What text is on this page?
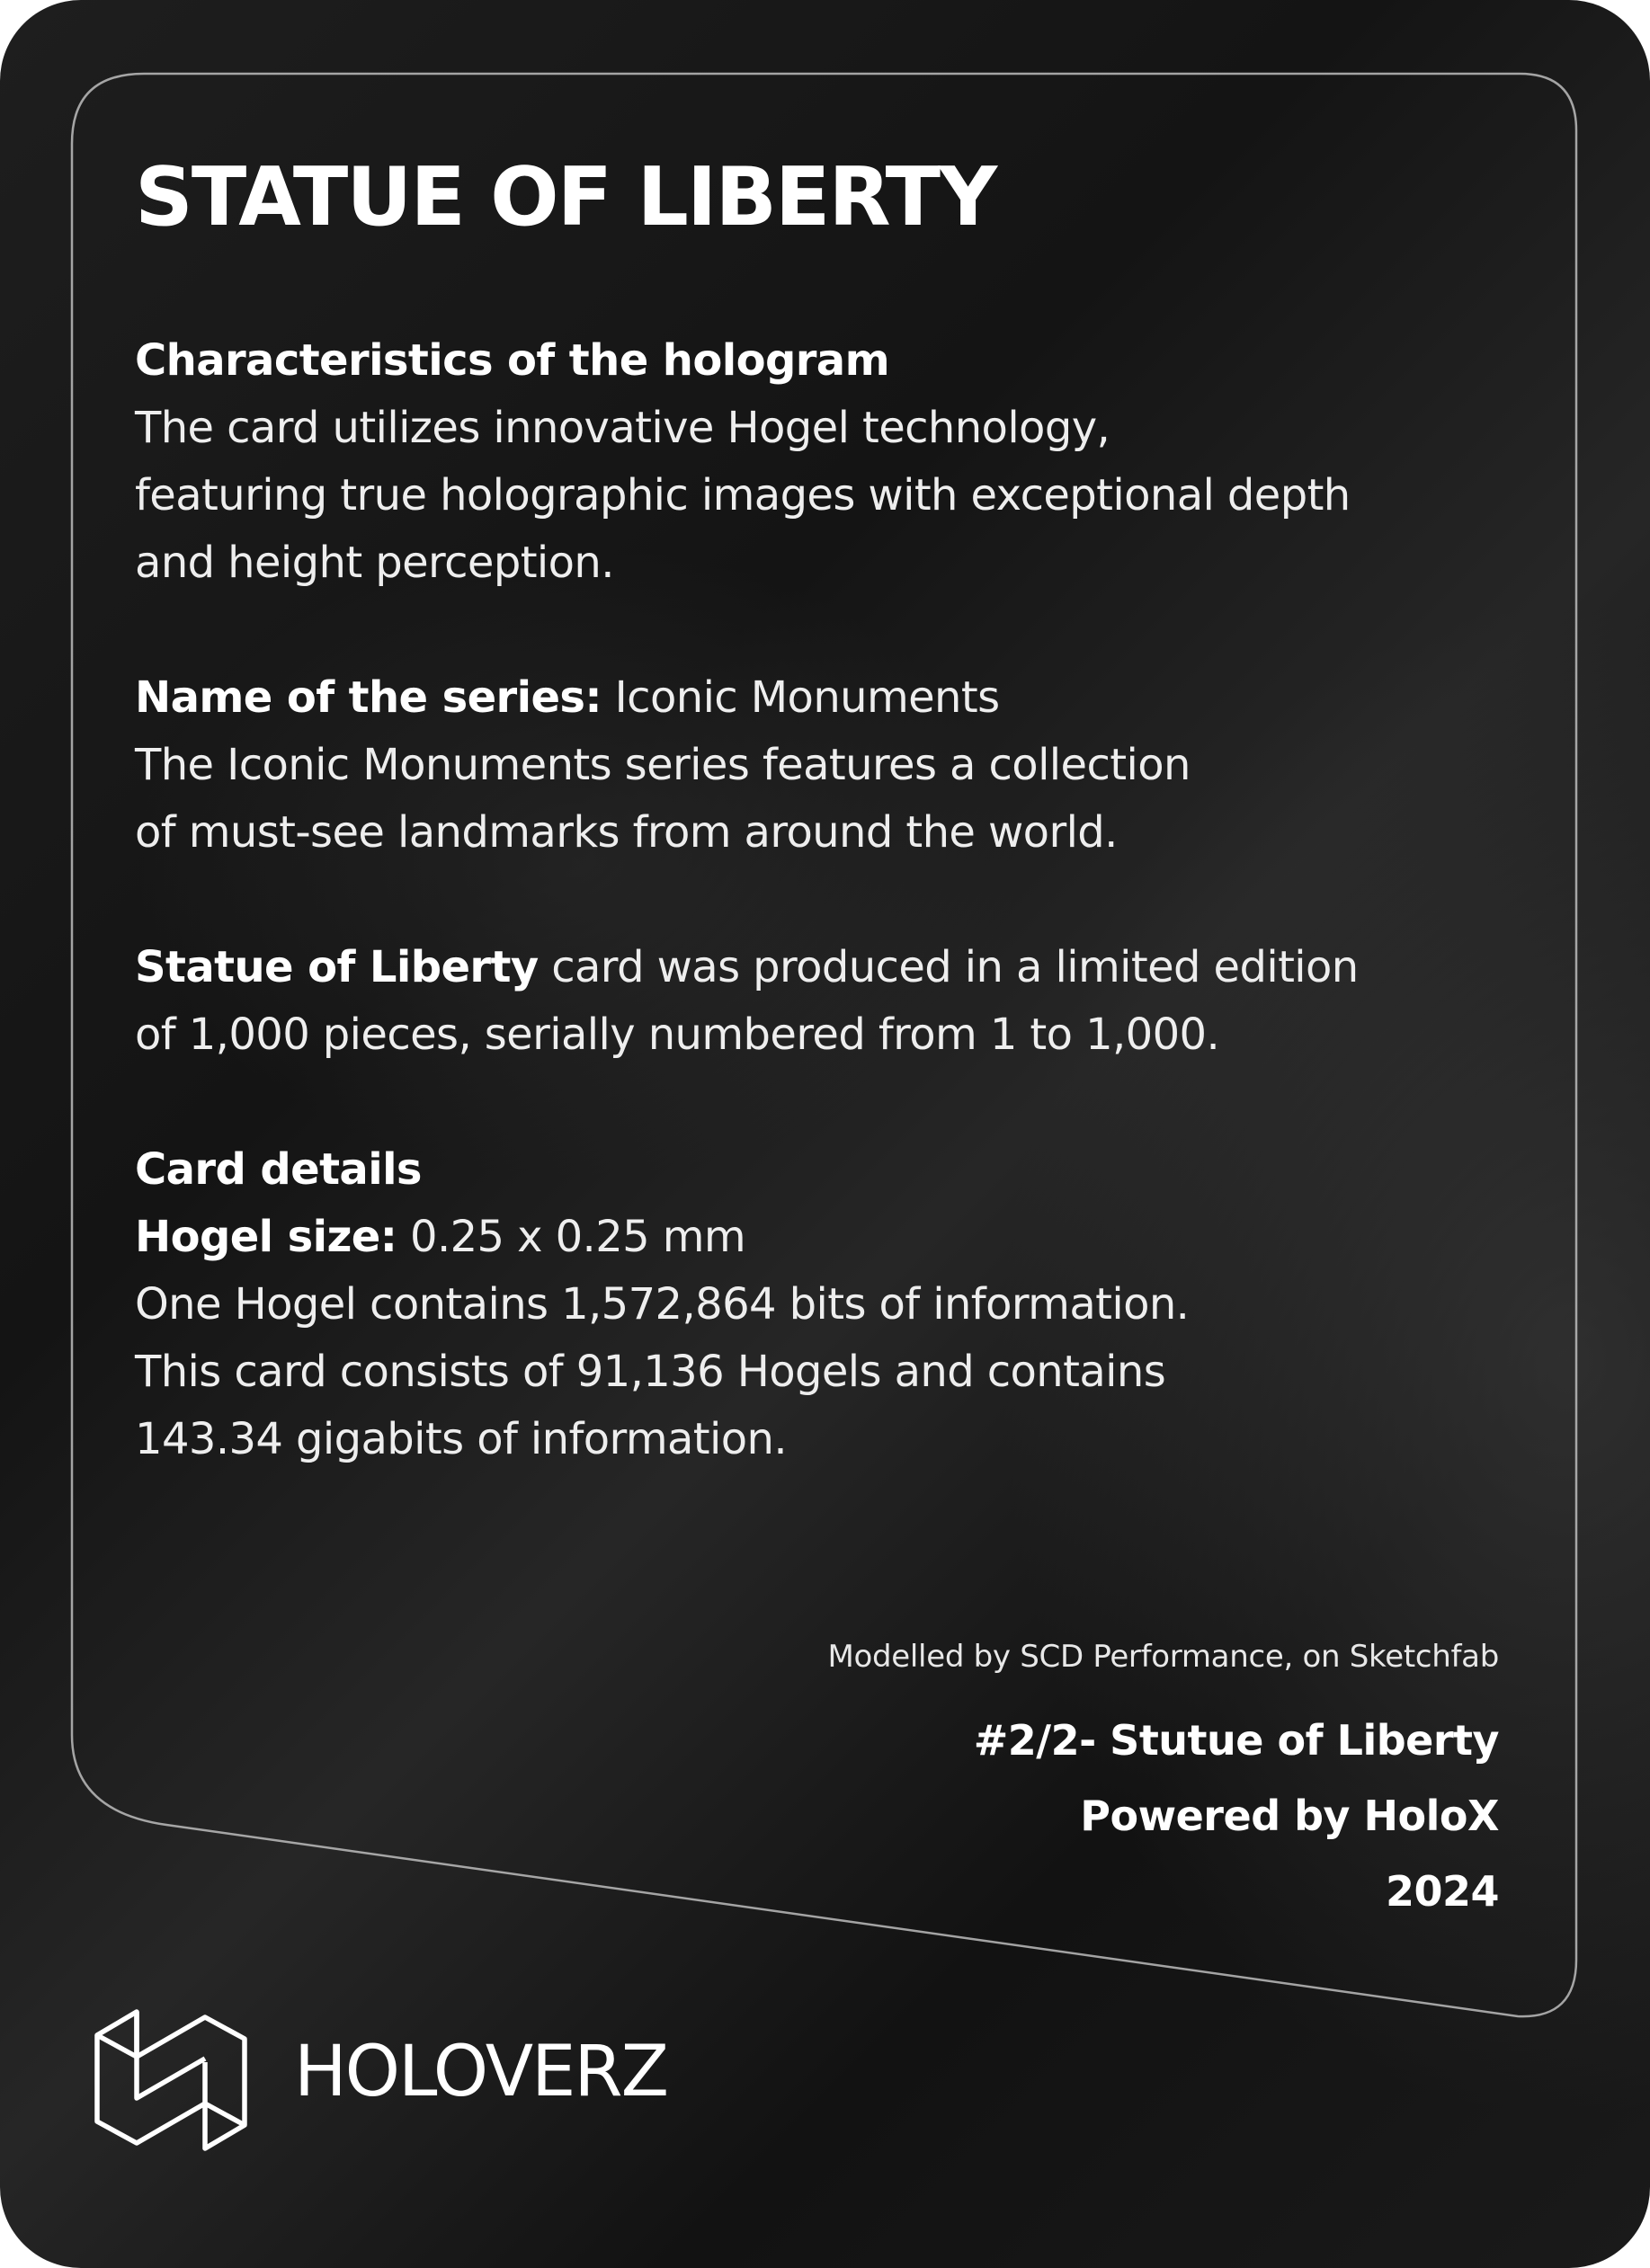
STATUE OF LIBERTY

Characteristics of the hologram

The card utilizes innovative Hogel technology,

featuring true holographic images with exceptional depth

and height perception.

Name of the series: Iconic Monuments

The Iconic Monuments series features a collection

of must-see landmarks from around the world.

Statue of Liberty card was produced in a limited edition

of 1,000 pieces, serially numbered from 1 to 1,000.

Card details

Hogel size: 0.25 x 0.25 mm

One Hogel contains 1,572,864 bits of information.

This card consists of 91,136 Hogels and contains

143.34 gigabits of information.

Modelled by SCD Performance, on Sketchfab
#2/2- Stutue of Liberty
Powered by HoloX
2024
HOLOVERZ
